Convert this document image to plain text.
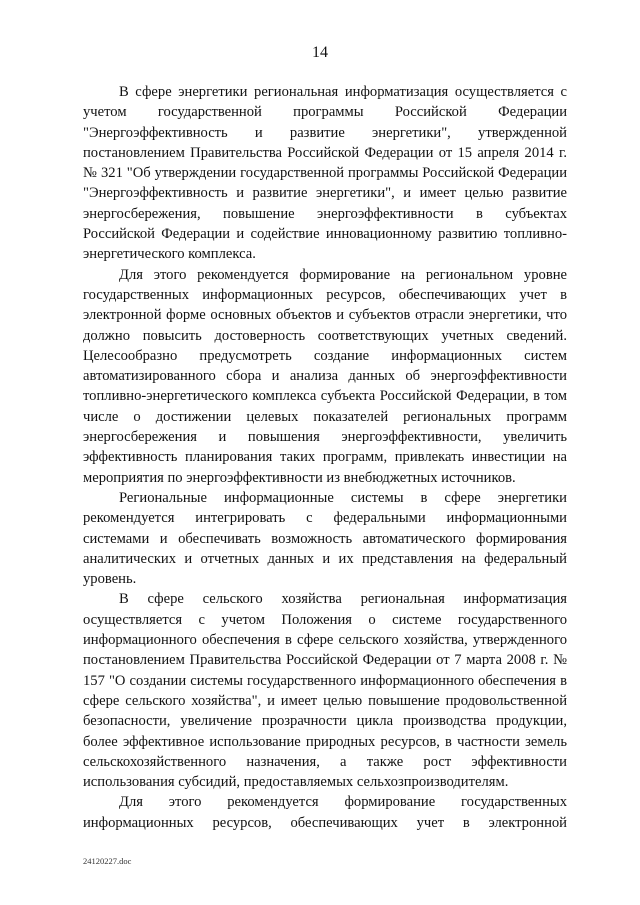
14

В сфере энергетики региональная информатизация осуществляется с учетом государственной программы Российской Федерации "Энергоэффективность и развитие энергетики", утвержденной постановлением Правительства Российской Федерации от 15 апреля 2014 г. № 321 "Об утверждении государственной программы Российской Федерации "Энергоэффективность и развитие энергетики", и имеет целью развитие энергосбережения, повышение энергоэффективности в субъектах Российской Федерации и содействие инновационному развитию топливно-энергетического комплекса.

Для этого рекомендуется формирование на региональном уровне государственных информационных ресурсов, обеспечивающих учет в электронной форме основных объектов и субъектов отрасли энергетики, что должно повысить достоверность соответствующих учетных сведений. Целесообразно предусмотреть создание информационных систем автоматизированного сбора и анализа данных об энергоэффективности топливно-энергетического комплекса субъекта Российской Федерации, в том числе о достижении целевых показателей региональных программ энергосбережения и повышения энергоэффективности, увеличить эффективность планирования таких программ, привлекать инвестиции на мероприятия по энергоэффективности из внебюджетных источников.

Региональные информационные системы в сфере энергетики рекомендуется интегрировать с федеральными информационными системами и обеспечивать возможность автоматического формирования аналитических и отчетных данных и их представления на федеральный уровень.

В сфере сельского хозяйства региональная информатизация осуществляется с учетом Положения о системе государственного информационного обеспечения в сфере сельского хозяйства, утвержденного постановлением Правительства Российской Федерации от 7 марта 2008 г. № 157 "О создании системы государственного информационного обеспечения в сфере сельского хозяйства", и имеет целью повышение продовольственной безопасности, увеличение прозрачности цикла производства продукции, более эффективное использование природных ресурсов, в частности земель сельскохозяйственного назначения, а также рост эффективности использования субсидий, предоставляемых сельхозпроизводителям.

Для этого рекомендуется формирование государственных информационных ресурсов, обеспечивающих учет в электронной

24120227.doc
